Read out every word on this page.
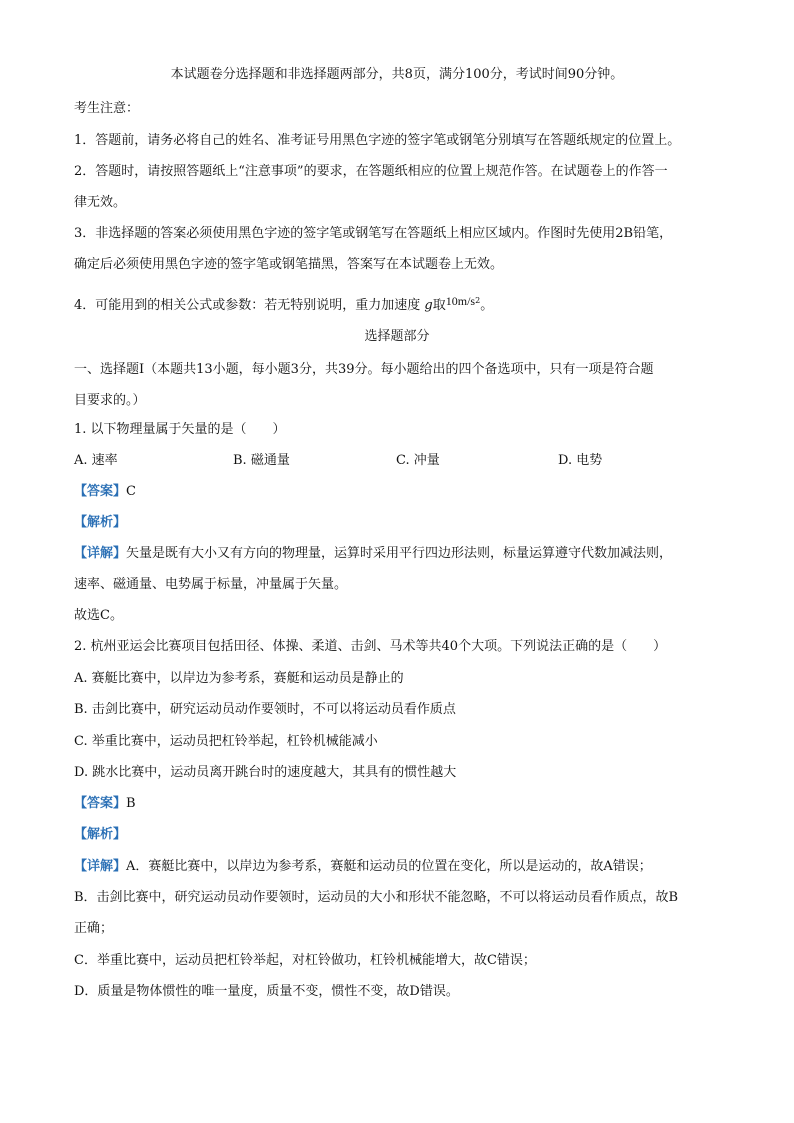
本试题卷分选择题和非选择题两部分，共8页，满分100分，考试时间90分钟。
考生注意：
1．答题前，请务必将自己的姓名、准考证号用黑色字迹的签字笔或钢笔分别填写在答题纸规定的位置上。
2．答题时，请按照答题纸上“注意事项”的要求，在答题纸相应的位置上规范作答。在试题卷上的作答一
律无效。
3．非选择题的答案必须使用黑色字迹的签字笔或钢笔写在答题纸上相应区域内。作图时先使用2B铅笔，
确定后必须使用黑色字迹的签字笔或钢笔描黑，答案写在本试题卷上无效。
4．可能用到的相关公式或参数：若无特别说明，重力加速度 g取$10m/s^2$。
选择题部分
一、选择题Ⅰ（本题共13小题，每小题3分，共39分。每小题给出的四个备选项中，只有一项是符合题
目要求的。）
1. 以下物理量属于矢量的是（　　）
A. 速率	B. 磁通量	C. 冲量	D. 电势
【答案】C
【解析】
【详解】矢量是既有大小又有方向的物理量，运算时采用平行四边形法则，标量运算遵守代数加减法则，
速率、磁通量、电势属于标量，冲量属于矢量。
故选C。
2. 杭州亚运会比赛项目包括田径、体操、柔道、击剑、马术等共40个大项。下列说法正确的是（　　）
A. 赛艇比赛中，以岸边为参考系，赛艇和运动员是静止的
B. 击剑比赛中，研究运动员动作要领时，不可以将运动员看作质点
C. 举重比赛中，运动员把杠铃举起，杠铃机械能减小
D. 跳水比赛中，运动员离开跳台时的速度越大，其具有的惯性越大
【答案】B
【解析】
【详解】A．赛艇比赛中，以岸边为参考系，赛艇和运动员的位置在变化，所以是运动的，故A错误；
B．击剑比赛中，研究运动员动作要领时，运动员的大小和形状不能忽略，不可以将运动员看作质点，故B
正确；
C．举重比赛中，运动员把杠铃举起，对杠铃做功，杠铃机械能增大，故C错误；
D．质量是物体惯性的唯一量度，质量不变，惯性不变，故D错误。
